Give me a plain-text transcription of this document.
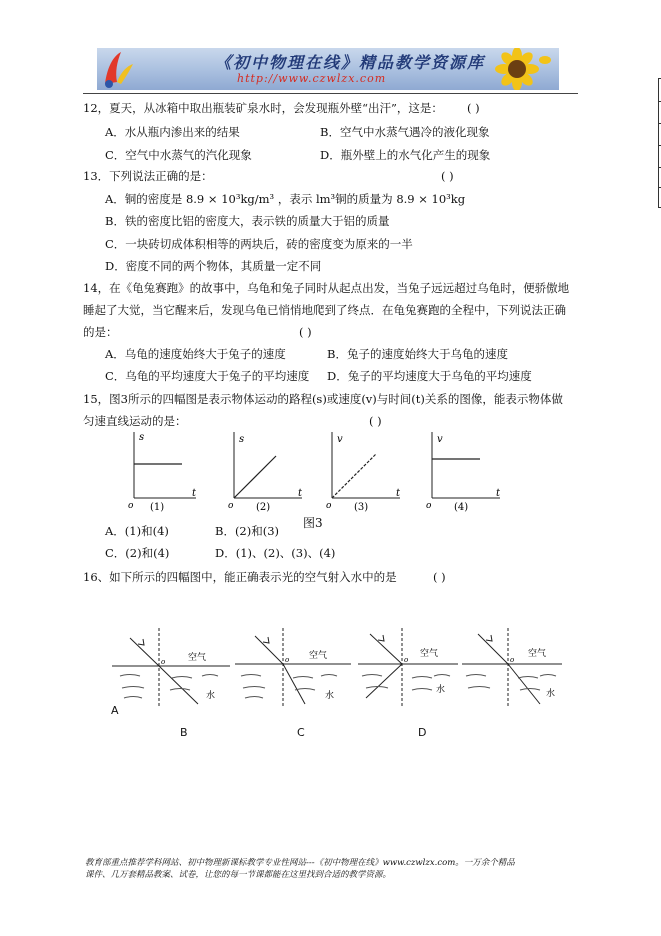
《初中物理在线》精品教学资源库
http://www.czwlzx.com
12，夏天，从冰箱中取出瓶装矿泉水时，会发现瓶外壁“出汗”，这是： ( )
A．水从瓶内渗出来的结果	B．空气中水蒸气遇冷的液化现象
C．空气中水蒸气的汽化现象	D．瓶外壁上的水气化产生的现象
13．下列说法正确的是：	( )
A．铜的密度是 8.9 × 10³kg/m³ ，表示 lm³铜的质量为 8.9 × 10³kg
B．铁的密度比铝的密度大，表示铁的质量大于铝的质量
C．一块砖切成体积相等的两块后，砖的密度变为原来的一半
D．密度不同的两个物体，其质量一定不同
14，在《龟兔赛跑》的故事中，乌龟和兔子同时从起点出发，当兔子远远超过乌龟时，便骄傲地
睡起了大觉，当它醒来后，发现乌龟已悄悄地爬到了终点．在龟兔赛跑的全程中，下列说法正确
的是：	( )
A．乌龟的速度始终大于兔子的速度	B．兔子的速度始终大于乌龟的速度
C．乌龟的平均速度大于兔子的平均速度 D．兔子的平均速度大于乌龟的平均速度
15，图3所示的四幅图是表示物体运动的路程(s)或速度(v)与时间(t)关系的图像，能表示物体做
匀速直线运动的是：	( )
s
t
o (1)
s
t
o (2)
v
t
o (3)
v
t
o (4)
图3
A．(1)和(4)	B．(2)和(3)
C．(2)和(4)	D．(1)、(2)、(3)、(4)
16、如下所示的四幅图中，能正确表示光的空气射入水中的是	( )
o	空气
水
o 空气
水
o
空气
水
o
空气
水
A
B	C	D
教育部重点推荐学科网站、初中物理新课标教学专业性网站---《初中物理在线》www.czwlzx.com。一万余个精品
课件、几万套精品教案、试卷，让您的每一节课都能在这里找到合适的教学资源。
